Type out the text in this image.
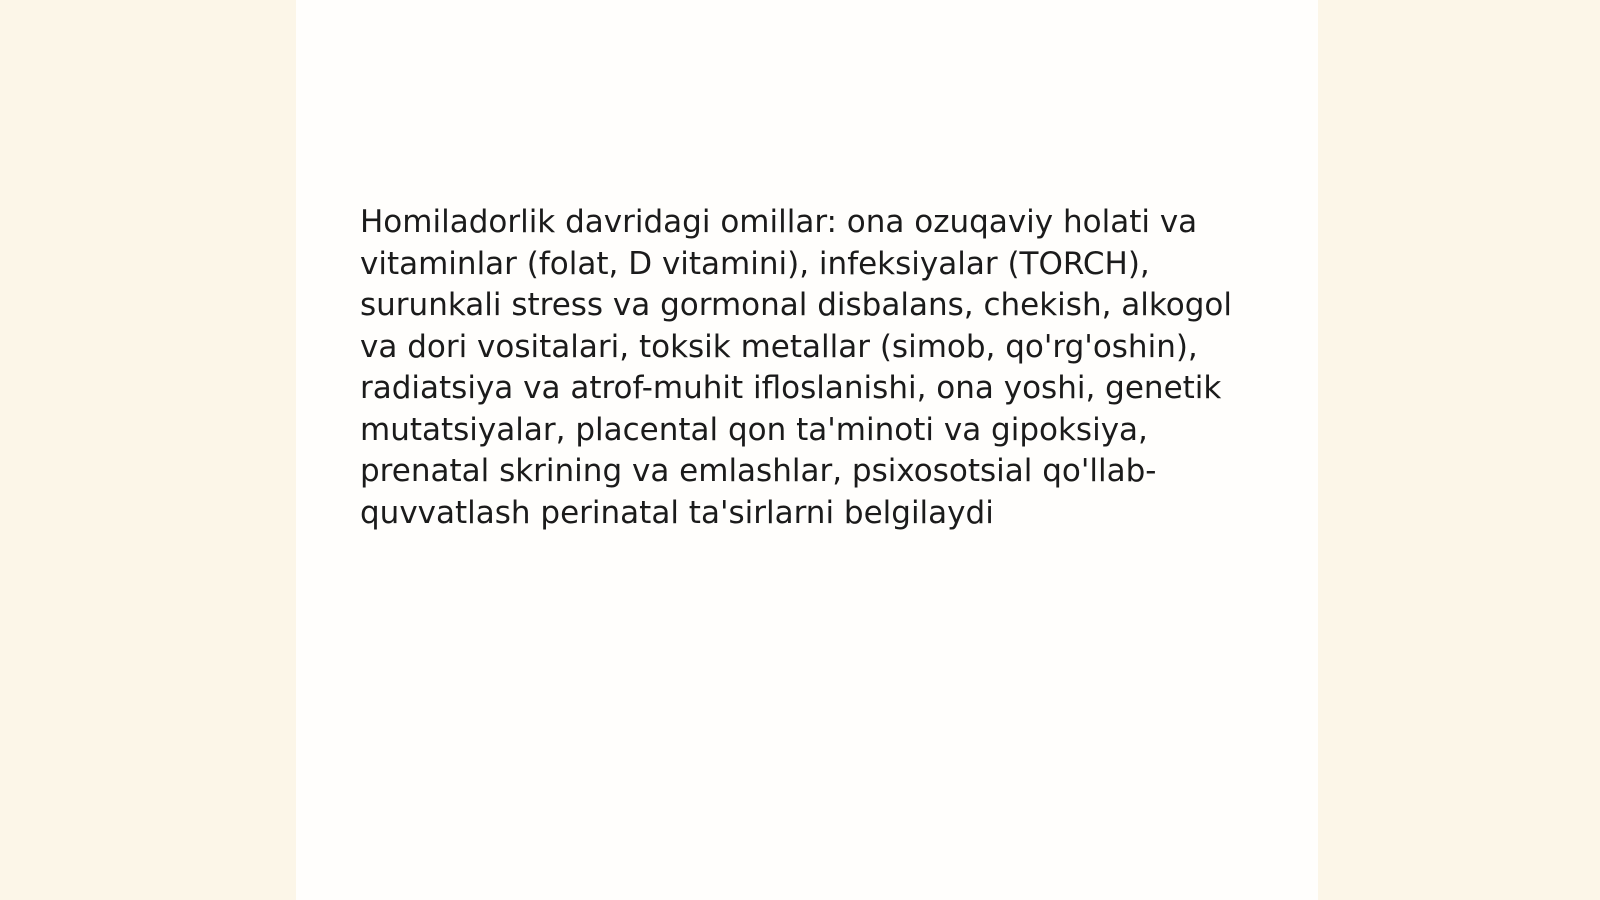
Homiladorlik davridagi omillar: ona ozuqaviy holati va vitaminlar (folat, D vitamini), infeksiyalar (TORCH), surunkali stress va gormonal disbalans, chekish, alkogol va dori vositalari, toksik metallar (simob, qo'rg'oshin), radiatsiya va atrof-muhit ifloslanishi, ona yoshi, genetik mutatsiyalar, placental qon ta'minoti va gipoksiya, prenatal skrining va emlashlar, psixosotsial qo'llab-quvvatlash perinatal ta'sirlarni belgilaydi
